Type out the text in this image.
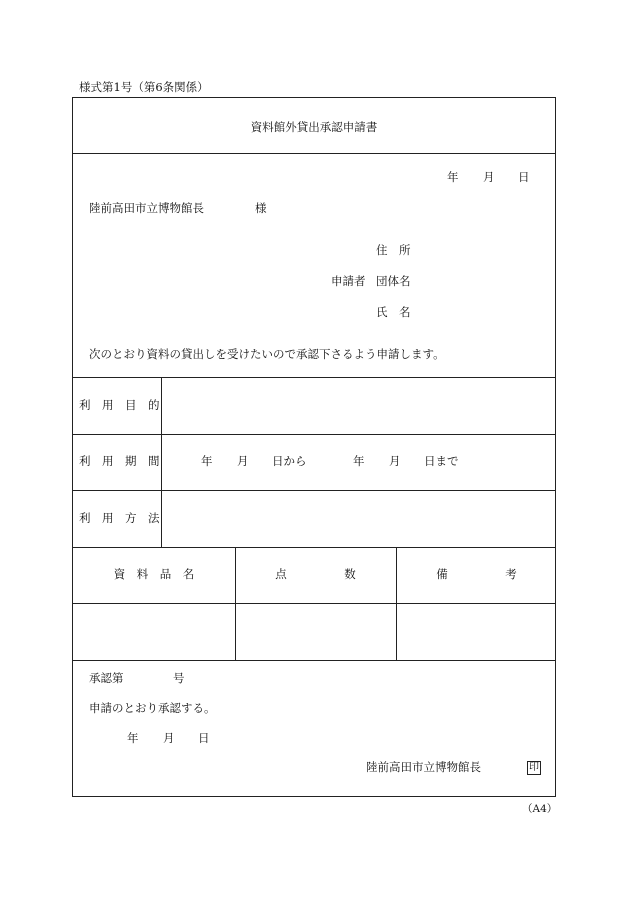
様式第1号（第6条関係）
資料館外貸出承認申請書
年 月 日
陸前高田市立博物館長	様
住　所
申請者 団体名
氏　名
次のとおり資料の貸出しを受けたいので承認下さるよう申請します。
利　用　目　的
利　用　期　間	年 月 日から	年 月 日まで
利　用　方　法
資　料　品　名	点　　　　　数	備　　　　　考
承認第	号
申請のとおり承認する。
年 月 日
陸前高田市立博物館長	印
（A4）
